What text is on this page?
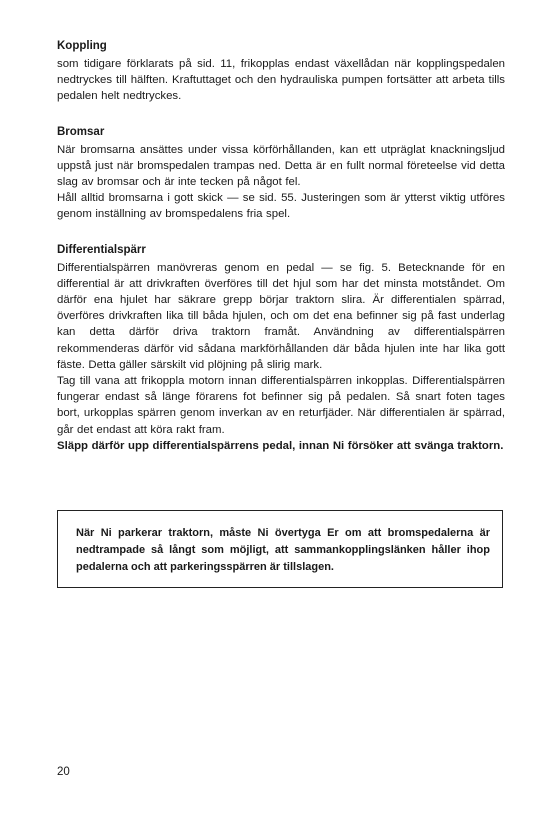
Koppling

som tidigare förklarats på sid. 11, frikopplas endast växellådan när kopplingspedalen nedtryckes till hälften. Kraftuttaget och den hydrauliska pumpen fortsätter att arbeta tills pedalen helt nedtryckes.

Bromsar

När bromsarna ansättes under vissa körförhållanden, kan ett utpräglat knackningsljud uppstå just när bromspedalen trampas ned. Detta är en fullt normal företeelse vid detta slag av bromsar och är inte tecken på något fel.

Håll alltid bromsarna i gott skick — se sid. 55. Justeringen som är ytterst viktig utföres genom inställning av bromspedalens fria spel.

Differentialspärr

Differentialspärren manövreras genom en pedal — se fig. 5. Betecknande för en differential är att drivkraften överföres till det hjul som har det minsta motståndet. Om därför ena hjulet har säkrare grepp börjar traktorn slira. Är differentialen spärrad, överföres drivkraften lika till båda hjulen, och om det ena befinner sig på fast underlag kan detta därför driva traktorn framåt. Användning av differentialspärren rekommenderas därför vid sådana markförhållanden där båda hjulen inte har lika gott fäste. Detta gäller särskilt vid plöjning på slirig mark.

Tag till vana att frikoppla motorn innan differentialspärren inkopplas. Differentialspärren fungerar endast så länge förarens fot befinner sig på pedalen. Så snart foten tages bort, urkopplas spärren genom inverkan av en returfjäder. När differentialen är spärrad, går det endast att köra rakt fram.

Släpp därför upp differentialspärrens pedal, innan Ni försöker att svänga traktorn.

När Ni parkerar traktorn, måste Ni övertyga Er om att bromspedalerna är nedtrampade så långt som möjligt, att sammankopplingslänken håller ihop pedalerna och att parkeringsspärren är tillslagen.

20
